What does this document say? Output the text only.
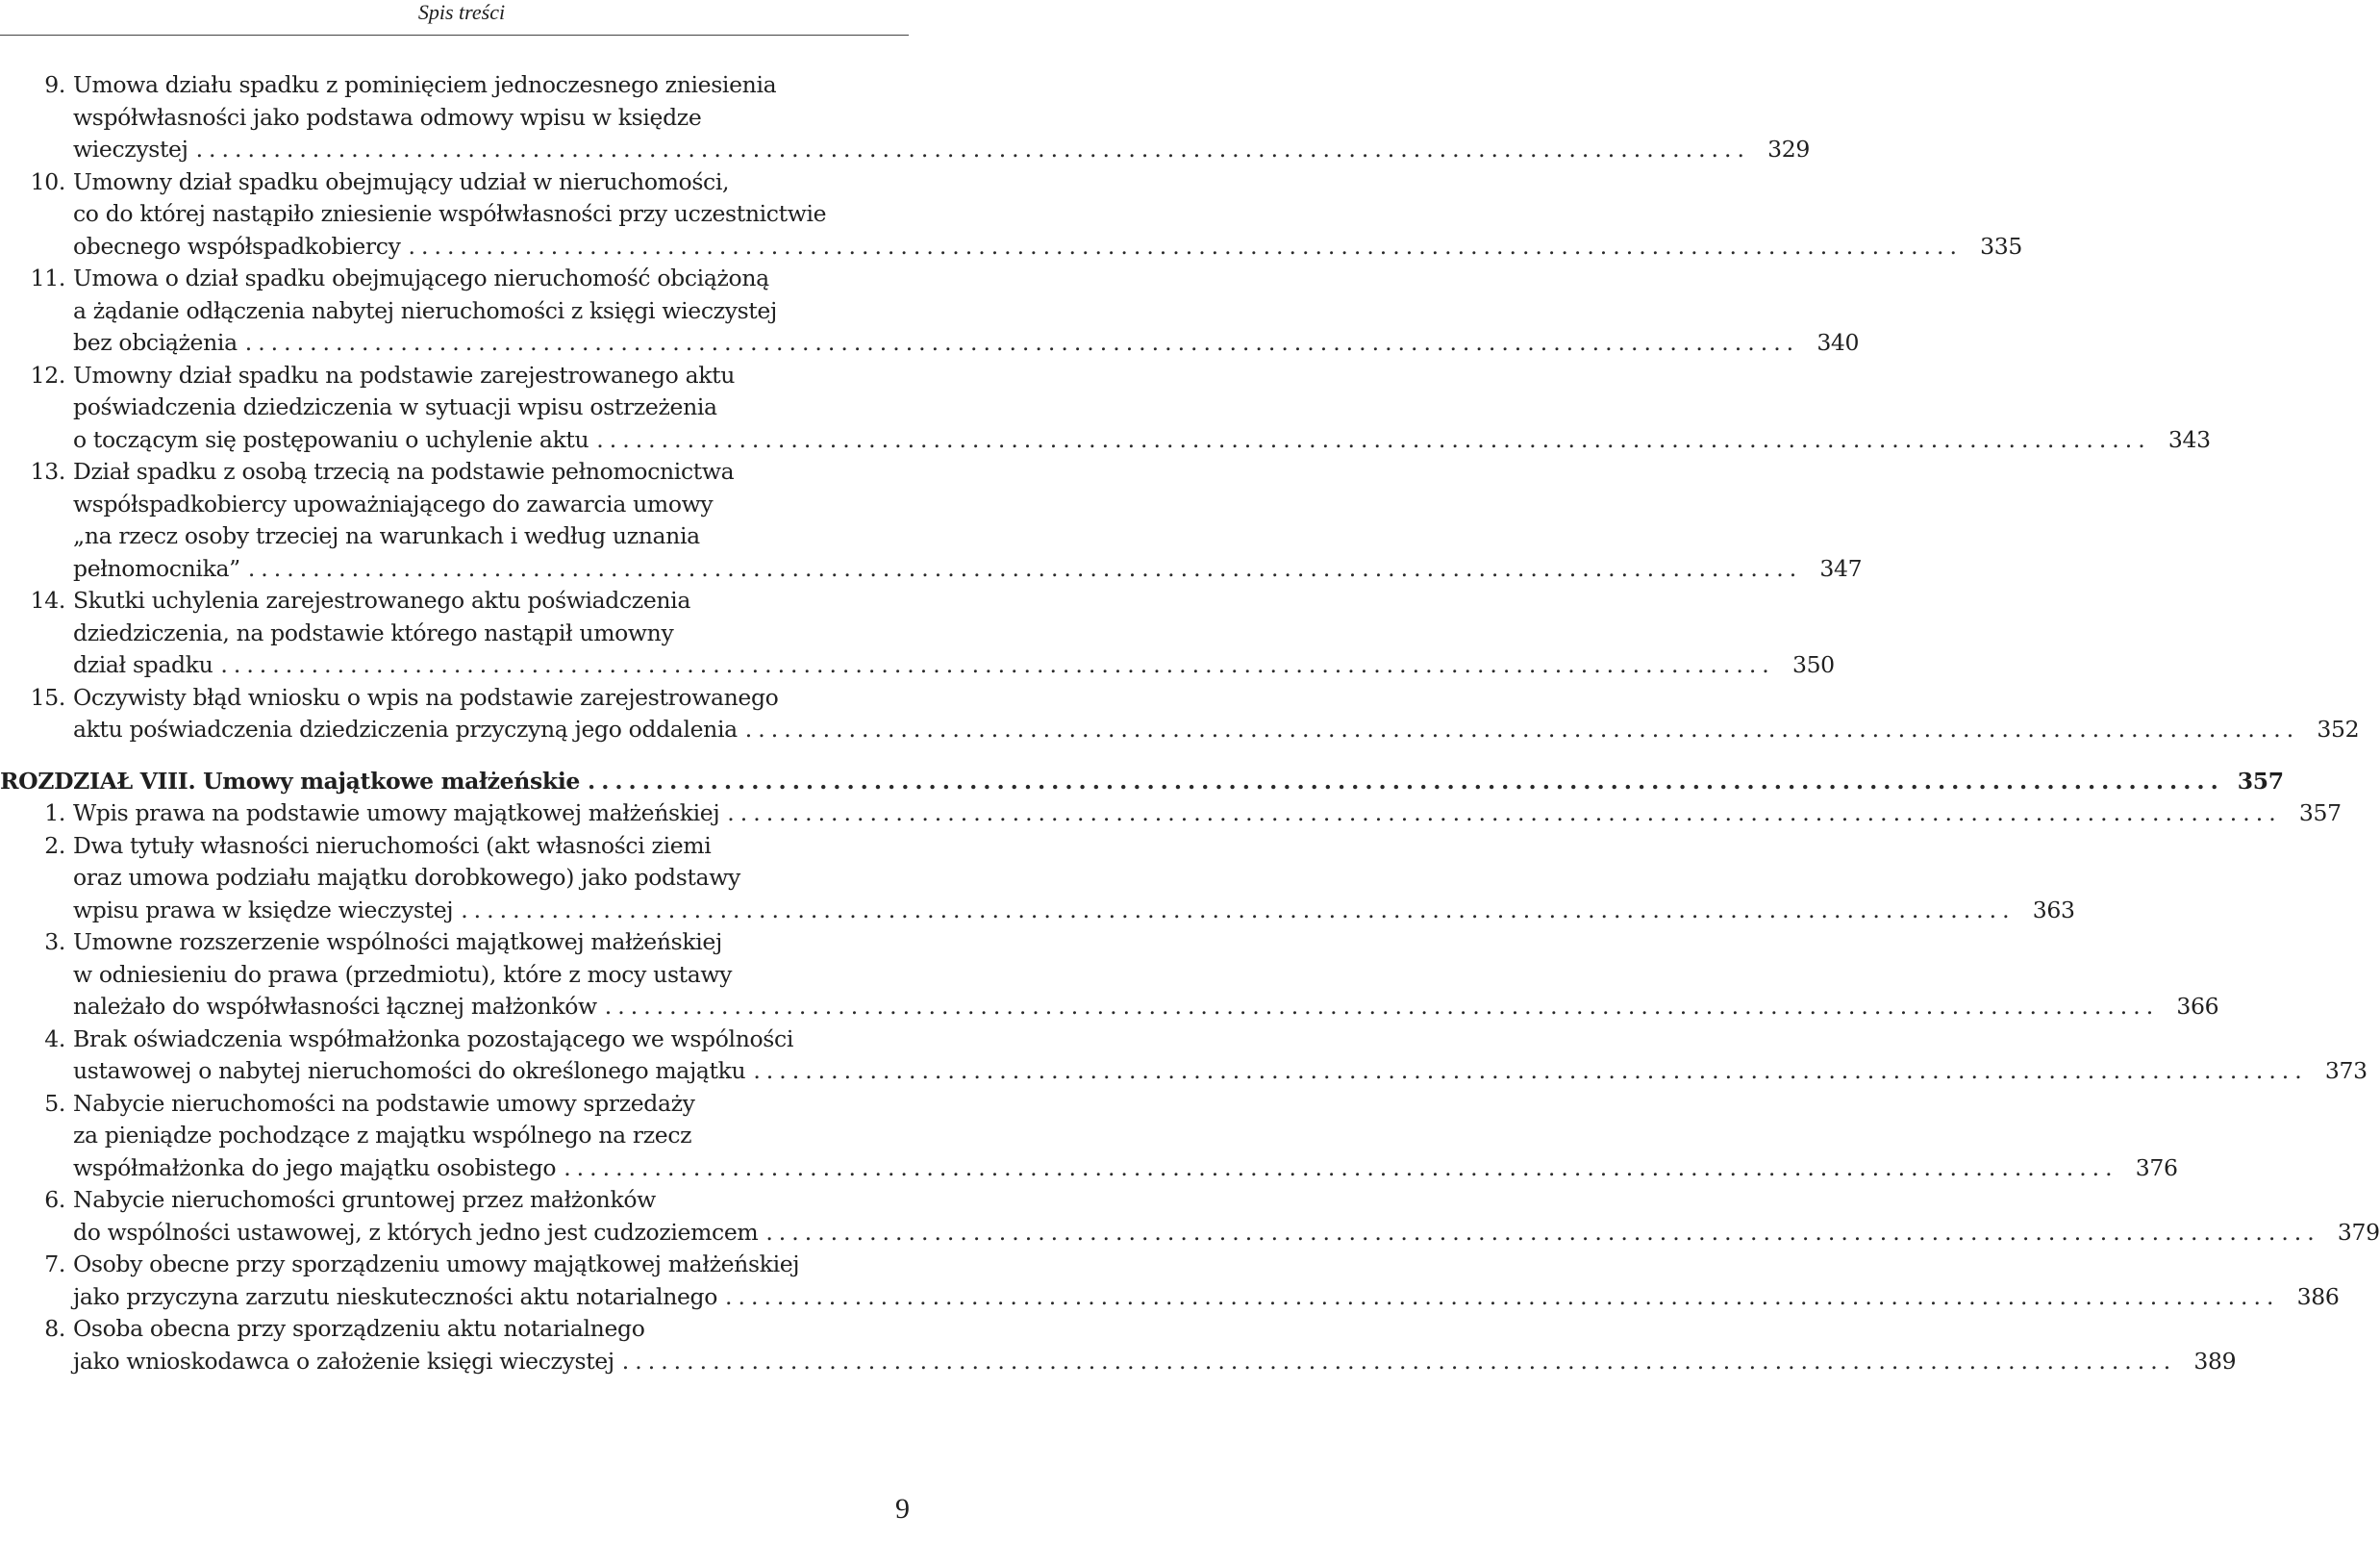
Spis treści
9. Umowa działu spadku z pominięciem jednoczesnego zniesienia
współwłasności jako podstawa odmowy wpisu w księdze
wieczystej ........................................................................................................................ 329
10. Umowny dział spadku obejmujący udział w nieruchomości,
co do której nastąpiło zniesienie współwłasności przy uczestnictwie
obecnego współspadkobiercy ........................................................................................................................ 335
11. Umowa o dział spadku obejmującego nieruchomość obciążoną
a żądanie odłączenia nabytej nieruchomości z księgi wieczystej
bez obciążenia ........................................................................................................................ 340
12. Umowny dział spadku na podstawie zarejestrowanego aktu
poświadczenia dziedziczenia w sytuacji wpisu ostrzeżenia
o toczącym się postępowaniu o uchylenie aktu ........................................................................................................................ 343
13. Dział spadku z osobą trzecią na podstawie pełnomocnictwa
współspadkobiercy upoważniającego do zawarcia umowy
„na rzecz osoby trzeciej na warunkach i według uznania
pełnomocnika” ........................................................................................................................ 347
14. Skutki uchylenia zarejestrowanego aktu poświadczenia
dziedziczenia, na podstawie którego nastąpił umowny
dział spadku ........................................................................................................................ 350
15. Oczywisty błąd wniosku o wpis na podstawie zarejestrowanego
aktu poświadczenia dziedziczenia przyczyną jego oddalenia ........................................................................................................................ 352
ROZDZIAŁ VIII. Umowy majątkowe małżeńskie ........................................................................................................................ 357
1. Wpis prawa na podstawie umowy majątkowej małżeńskiej ........................................................................................................................ 357
2. Dwa tytuły własności nieruchomości (akt własności ziemi
oraz umowa podziału majątku dorobkowego) jako podstawy
wpisu prawa w księdze wieczystej ........................................................................................................................ 363
3. Umowne rozszerzenie wspólności majątkowej małżeńskiej
w odniesieniu do prawa (przedmiotu), które z mocy ustawy
należało do współwłasności łącznej małżonków ........................................................................................................................ 366
4. Brak oświadczenia współmałżonka pozostającego we wspólności
ustawowej o nabytej nieruchomości do określonego majątku ........................................................................................................................ 373
5. Nabycie nieruchomości na podstawie umowy sprzedaży
za pieniądze pochodzące z majątku wspólnego na rzecz
współmałżonka do jego majątku osobistego ........................................................................................................................ 376
6. Nabycie nieruchomości gruntowej przez małżonków
do wspólności ustawowej, z których jedno jest cudzoziemcem ........................................................................................................................ 379
7. Osoby obecne przy sporządzeniu umowy majątkowej małżeńskiej
jako przyczyna zarzutu nieskuteczności aktu notarialnego ........................................................................................................................ 386
8. Osoba obecna przy sporządzeniu aktu notarialnego
jako wnioskodawca o założenie księgi wieczystej ........................................................................................................................ 389
9
